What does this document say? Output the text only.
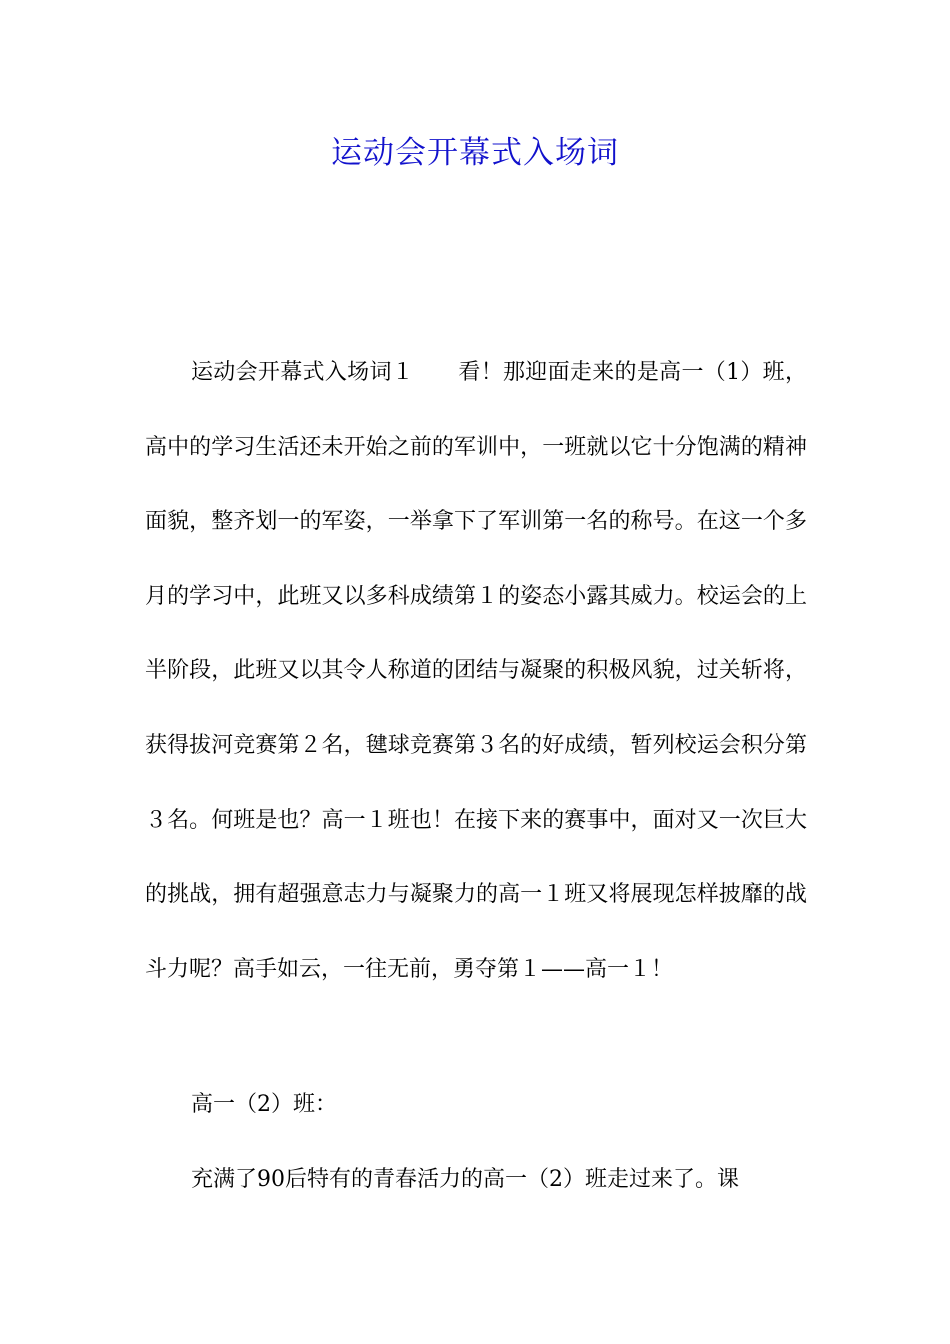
运动会开幕式入场词
运动会开幕式入场词１ 看！那迎面走来的是高一（1）班，高中的学习生活还未开始之前的军训中，一班就以它十分饱满的精神面貌，整齐划一的军姿，一举拿下了军训第一名的称号。在这一个多月的学习中，此班又以多科成绩第１的姿态小露其威力。校运会的上半阶段，此班又以其令人称道的团结与凝聚的积极风貌，过关斩将，获得拔河竞赛第２名，毽球竞赛第３名的好成绩，暂列校运会积分第３名。何班是也？高一１班也！在接下来的赛事中，面对又一次巨大的挑战，拥有超强意志力与凝聚力的高一１班又将展现怎样披靡的战斗力呢？高手如云，一往无前，勇夺第１——高一１！
高一（2）班：
充满了90后特有的青春活力的高一（2）班走过来了。课
